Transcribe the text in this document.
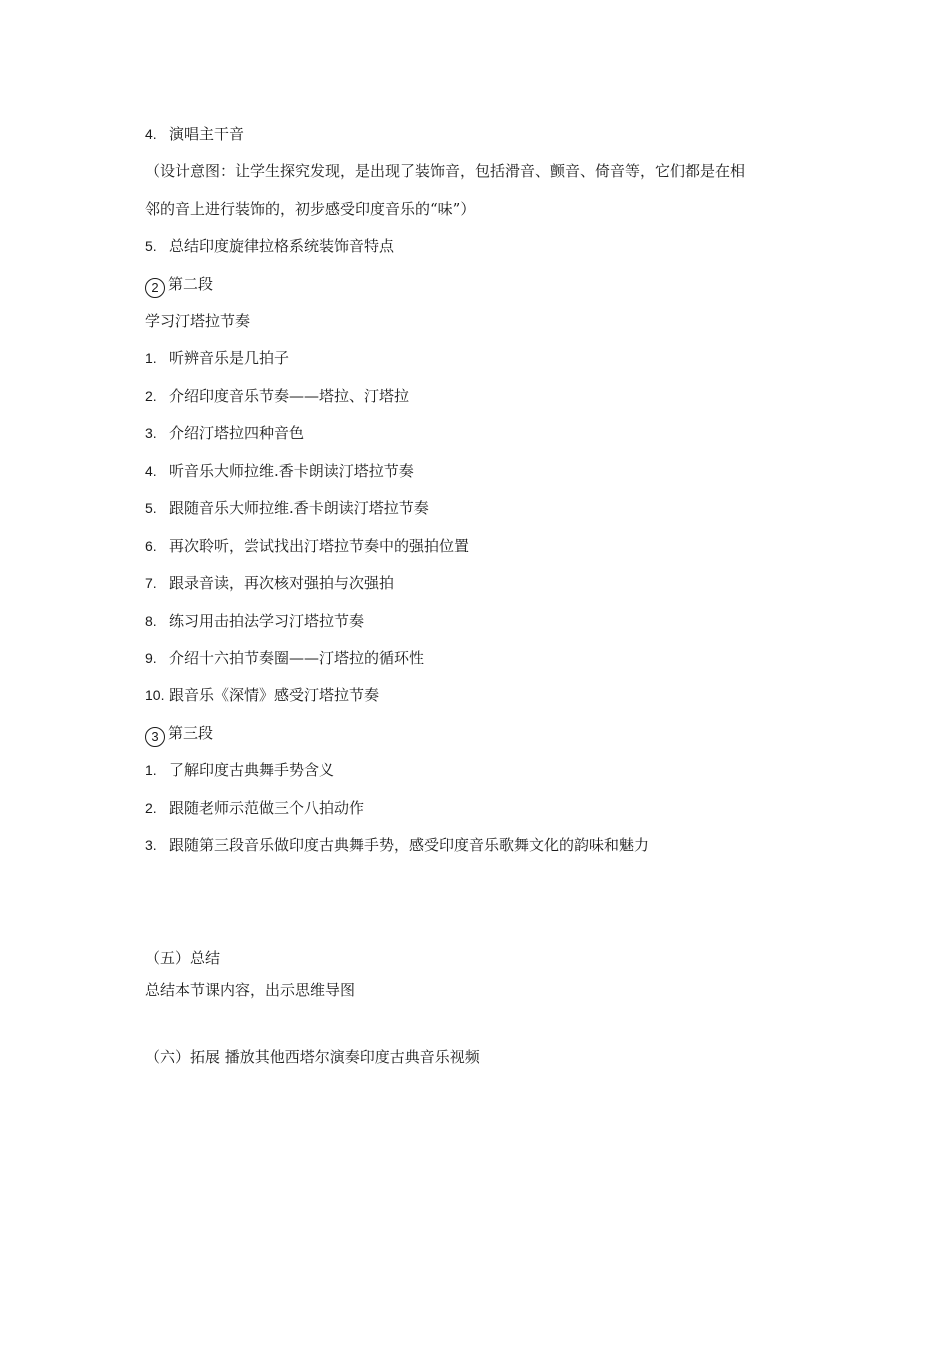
4. 演唱主干音
（设计意图：让学生探究发现，是出现了装饰音，包括滑音、颤音、倚音等，它们都是在相
邻的音上进行装饰的，初步感受印度音乐的“味”）
5. 总结印度旋律拉格系统装饰音特点
2 第二段
学习汀塔拉节奏
1. 听辨音乐是几拍子
2. 介绍印度音乐节奏——塔拉、汀塔拉
3. 介绍汀塔拉四种音色
4. 听音乐大师拉维.香卡朗读汀塔拉节奏
5. 跟随音乐大师拉维.香卡朗读汀塔拉节奏
6. 再次聆听，尝试找出汀塔拉节奏中的强拍位置
7. 跟录音读，再次核对强拍与次强拍
8. 练习用击拍法学习汀塔拉节奏
9. 介绍十六拍节奏圈——汀塔拉的循环性
10. 跟音乐《深情》感受汀塔拉节奏
3 第三段
1. 了解印度古典舞手势含义
2. 跟随老师示范做三个八拍动作
3. 跟随第三段音乐做印度古典舞手势，感受印度音乐歌舞文化的韵味和魅力
（五）总结
总结本节课内容，出示思维导图
（六）拓展 播放其他西塔尔演奏印度古典音乐视频
